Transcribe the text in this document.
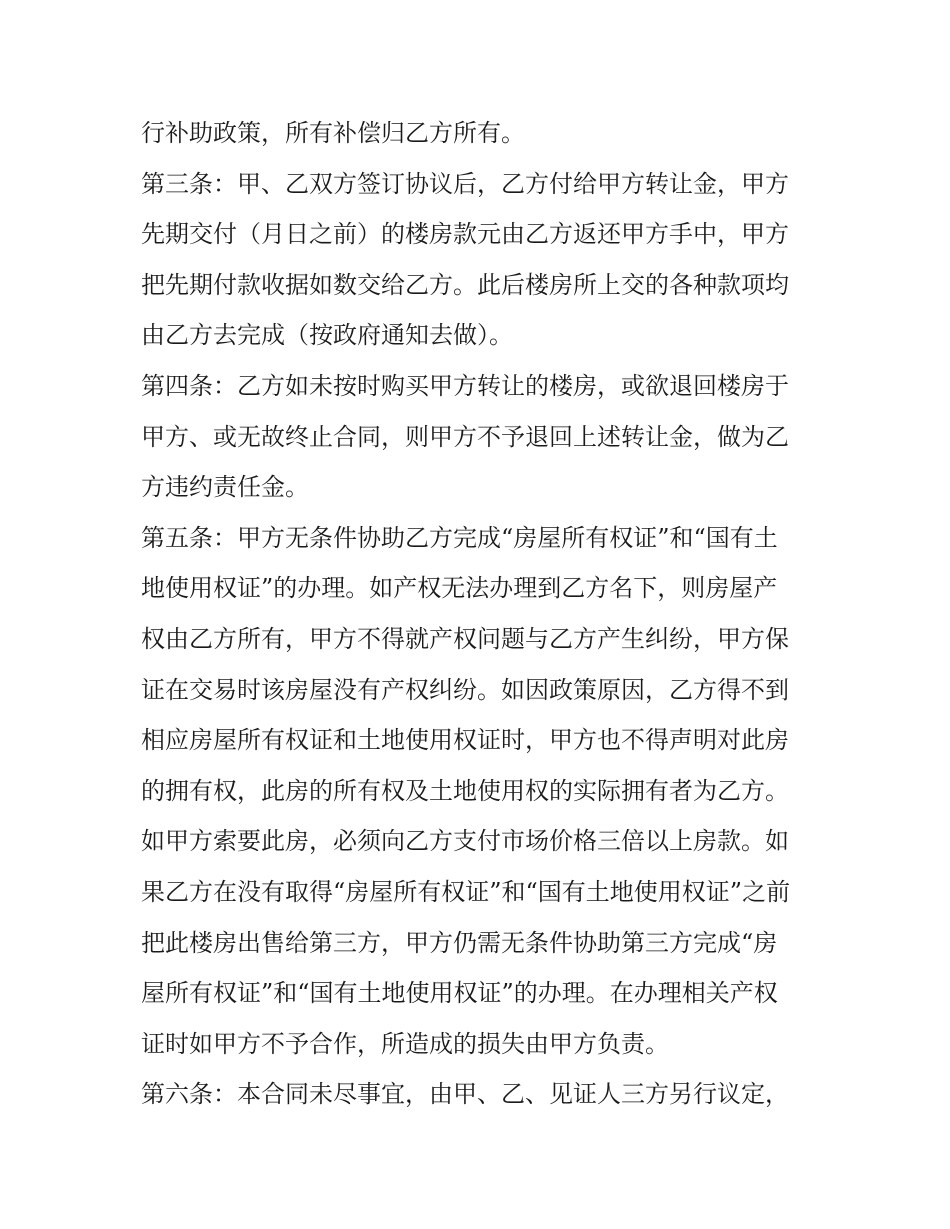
行补助政策，所有补偿归乙方所有。
第三条：甲、乙双方签订协议后，乙方付给甲方转让金，甲方
先期交付（月日之前）的楼房款元由乙方返还甲方手中，甲方
把先期付款收据如数交给乙方。此后楼房所上交的各种款项均
由乙方去完成（按政府通知去做）。
第四条：乙方如未按时购买甲方转让的楼房，或欲退回楼房于
甲方、或无故终止合同，则甲方不予退回上述转让金，做为乙
方违约责任金。
第五条：甲方无条件协助乙方完成“房屋所有权证”和“国有土
地使用权证”的办理。如产权无法办理到乙方名下，则房屋产
权由乙方所有，甲方不得就产权问题与乙方产生纠纷，甲方保
证在交易时该房屋没有产权纠纷。如因政策原因，乙方得不到
相应房屋所有权证和土地使用权证时，甲方也不得声明对此房
的拥有权，此房的所有权及土地使用权的实际拥有者为乙方。
如甲方索要此房，必须向乙方支付市场价格三倍以上房款。如
果乙方在没有取得“房屋所有权证”和“国有土地使用权证”之前
把此楼房出售给第三方，甲方仍需无条件协助第三方完成“房
屋所有权证”和“国有土地使用权证”的办理。在办理相关产权
证时如甲方不予合作，所造成的损失由甲方负责。
第六条：本合同未尽事宜，由甲、乙、见证人三方另行议定，
